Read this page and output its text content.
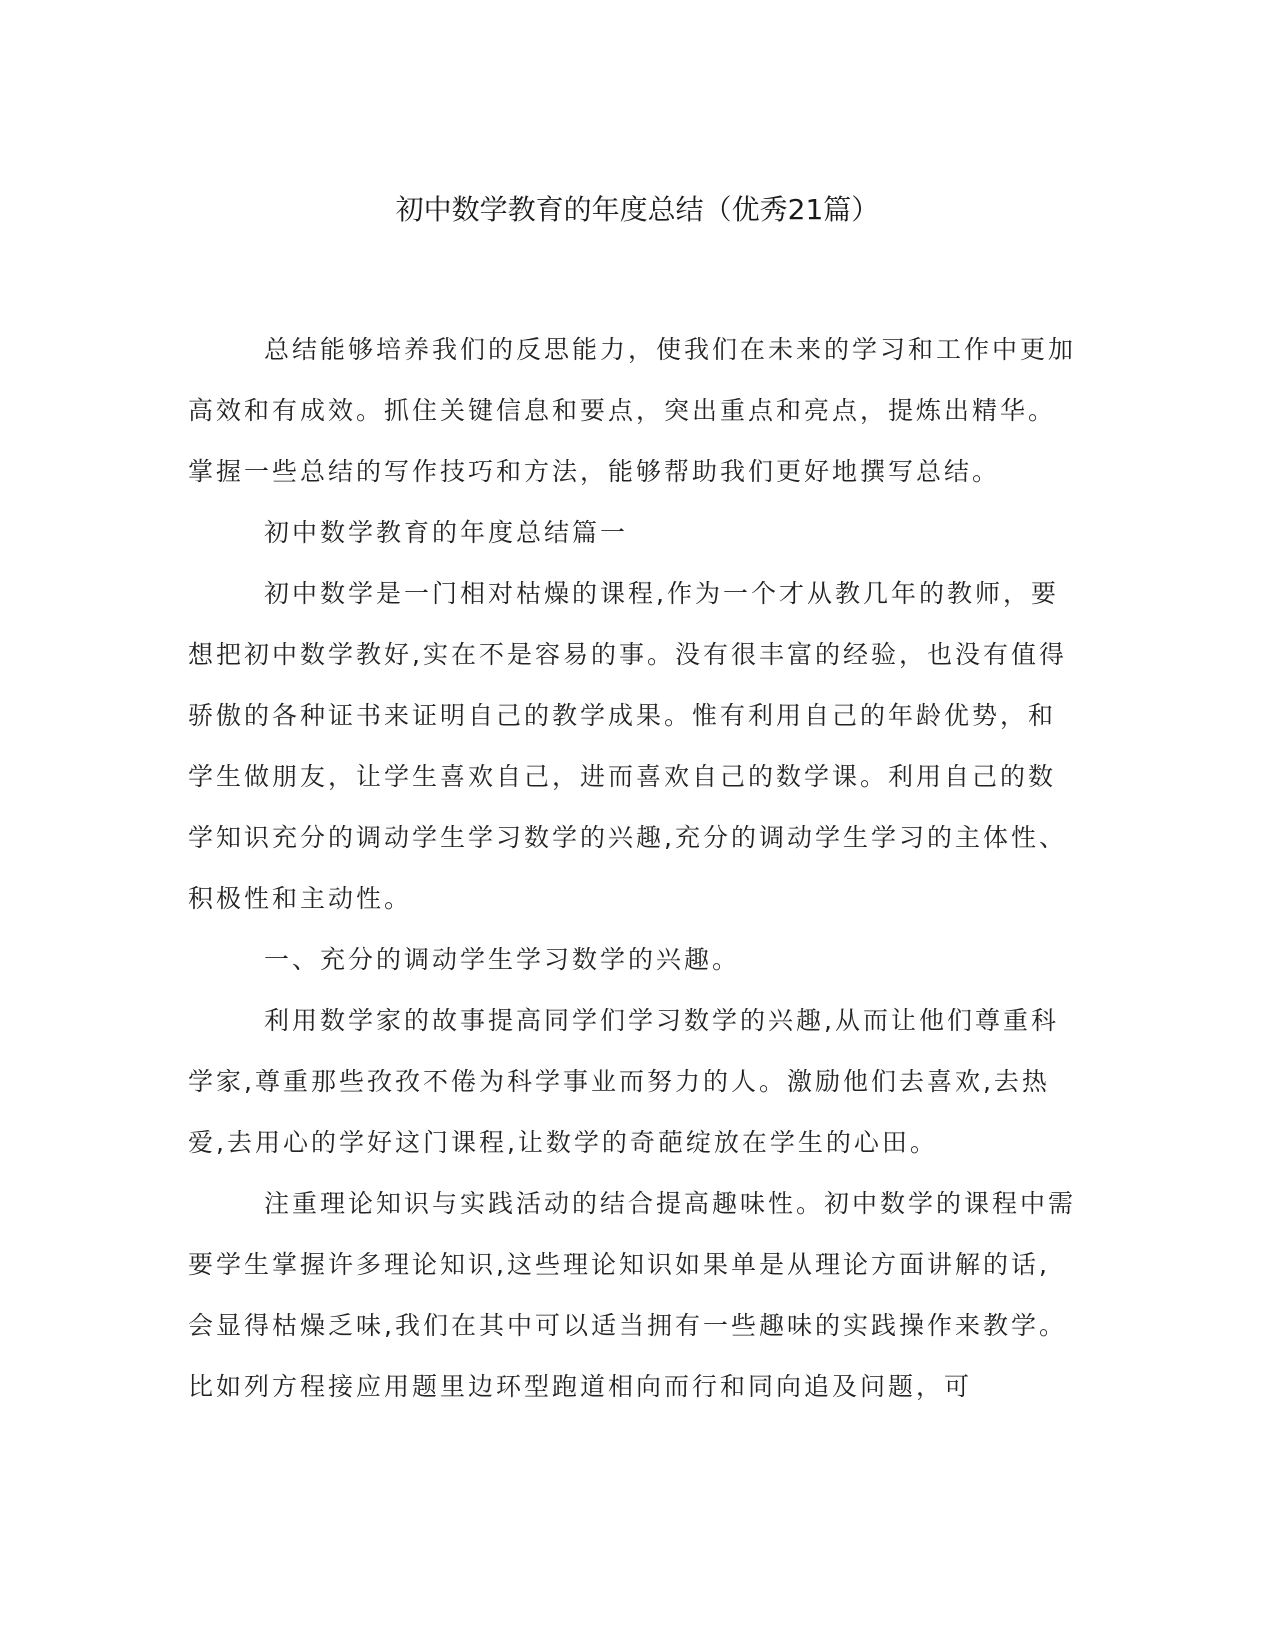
初中数学教育的年度总结（优秀21篇）

总结能够培养我们的反思能力，使我们在未来的学习和工作中更加高效和有成效。抓住关键信息和要点，突出重点和亮点，提炼出精华。掌握一些总结的写作技巧和方法，能够帮助我们更好地撰写总结。

初中数学教育的年度总结篇一

初中数学是一门相对枯燥的课程,作为一个才从教几年的教师，要想把初中数学教好,实在不是容易的事。没有很丰富的经验，也没有值得骄傲的各种证书来证明自己的教学成果。惟有利用自己的年龄优势，和学生做朋友，让学生喜欢自己，进而喜欢自己的数学课。利用自己的数学知识充分的调动学生学习数学的兴趣,充分的调动学生学习的主体性、积极性和主动性。

一、充分的调动学生学习数学的兴趣。

利用数学家的故事提高同学们学习数学的兴趣,从而让他们尊重科学家,尊重那些孜孜不倦为科学事业而努力的人。激励他们去喜欢,去热爱,去用心的学好这门课程,让数学的奇葩绽放在学生的心田。

注重理论知识与实践活动的结合提高趣味性。初中数学的课程中需要学生掌握许多理论知识,这些理论知识如果单是从理论方面讲解的话,会显得枯燥乏味,我们在其中可以适当拥有一些趣味的实践操作来教学。比如列方程接应用题里边环型跑道相向而行和同向追及问题，可
